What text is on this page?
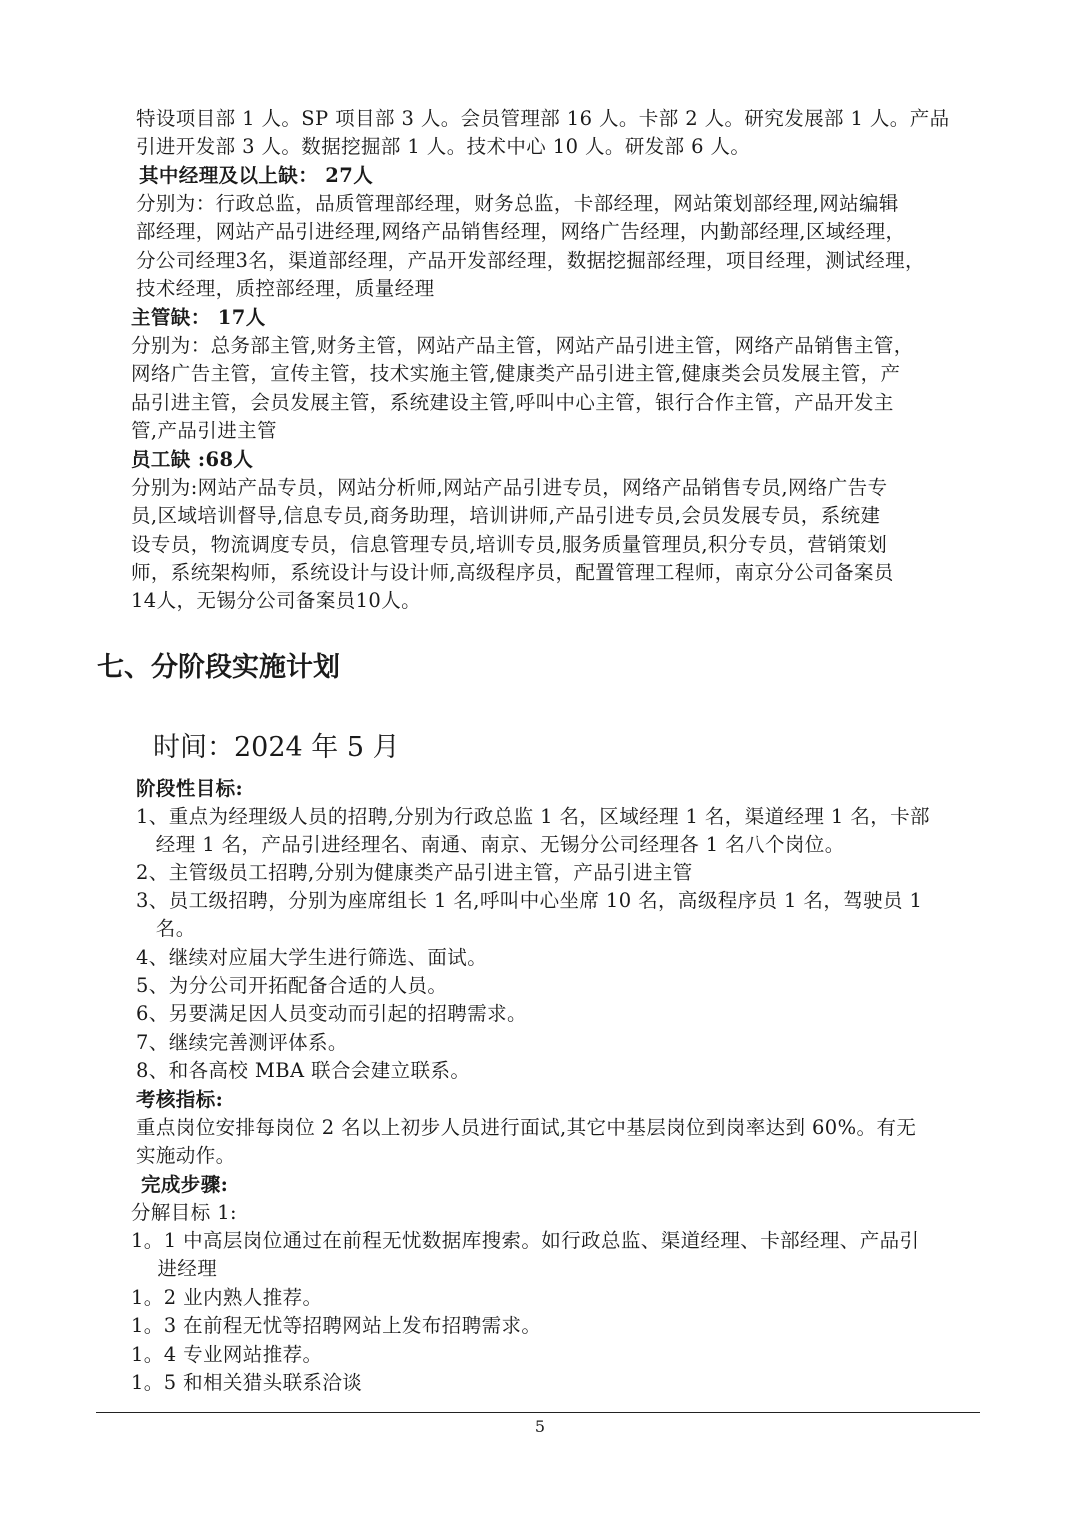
特设项目部 1 人。SP 项目部 3 人。会员管理部 16 人。卡部 2 人。研究发展部 1 人。产品
引进开发部 3 人。数据挖掘部 1 人。技术中心 10 人。研发部 6 人。
其中经理及以上缺： 27人
分别为：行政总监，品质管理部经理，财务总监，卡部经理，网站策划部经理,网站编辑
部经理，网站产品引进经理,网络产品销售经理，网络广告经理，内勤部经理,区域经理，
分公司经理3名，渠道部经理，产品开发部经理，数据挖掘部经理，项目经理，测试经理，
技术经理，质控部经理，质量经理
主管缺： 17人
分别为：总务部主管,财务主管，网站产品主管，网站产品引进主管，网络产品销售主管，
网络广告主管，宣传主管，技术实施主管,健康类产品引进主管,健康类会员发展主管，产
品引进主管，会员发展主管，系统建设主管,呼叫中心主管，银行合作主管，产品开发主
管,产品引进主管
员工缺 :68人
分别为:网站产品专员，网站分析师,网站产品引进专员，网络产品销售专员,网络广告专
员,区域培训督导,信息专员,商务助理，培训讲师,产品引进专员,会员发展专员，系统建
设专员，物流调度专员，信息管理专员,培训专员,服务质量管理员,积分专员，营销策划
师，系统架构师，系统设计与设计师,高级程序员，配置管理工程师，南京分公司备案员
14人，无锡分公司备案员10人。
七、分阶段实施计划
时间：2024 年 5 月
阶段性目标:
1、重点为经理级人员的招聘,分别为行政总监 1 名，区域经理 1 名，渠道经理 1 名，卡部
经理 1 名，产品引进经理名、南通、南京、无锡分公司经理各 1 名八个岗位。
2、主管级员工招聘,分别为健康类产品引进主管，产品引进主管
3、员工级招聘，分别为座席组长 1 名,呼叫中心坐席 10 名，高级程序员 1 名，驾驶员 1
名。
4、继续对应届大学生进行筛选、面试。
5、为分公司开拓配备合适的人员。
6、另要满足因人员变动而引起的招聘需求。
7、继续完善测评体系。
8、和各高校 MBA 联合会建立联系。
考核指标:
重点岗位安排每岗位 2 名以上初步人员进行面试,其它中基层岗位到岗率达到 60%。有无
实施动作。
完成步骤:
分解目标 1:
1。1 中高层岗位通过在前程无忧数据库搜索。如行政总监、渠道经理、卡部经理、产品引
进经理
1。2 业内熟人推荐。
1。3 在前程无忧等招聘网站上发布招聘需求。
1。4 专业网站推荐。
1。5 和相关猎头联系洽谈
5
